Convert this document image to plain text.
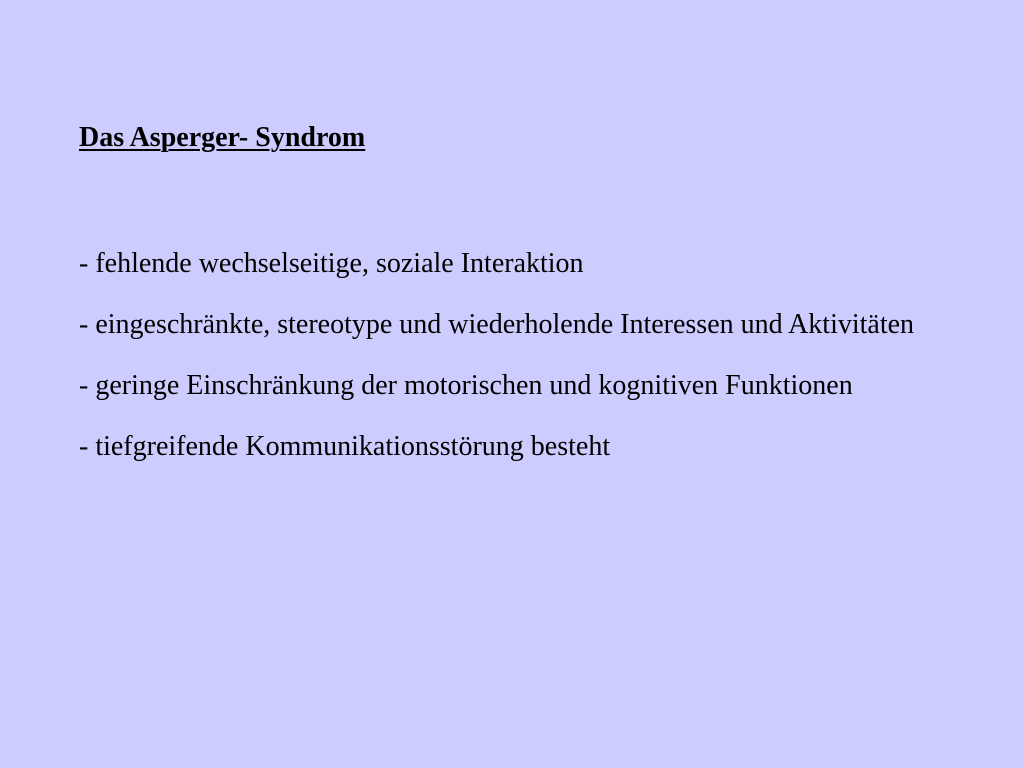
Das Asperger- Syndrom
- fehlende wechselseitige, soziale Interaktion
- eingeschränkte, stereotype und wiederholende Interessen und Aktivitäten
- geringe Einschränkung der motorischen und kognitiven Funktionen
- tiefgreifende Kommunikationsstörung besteht
